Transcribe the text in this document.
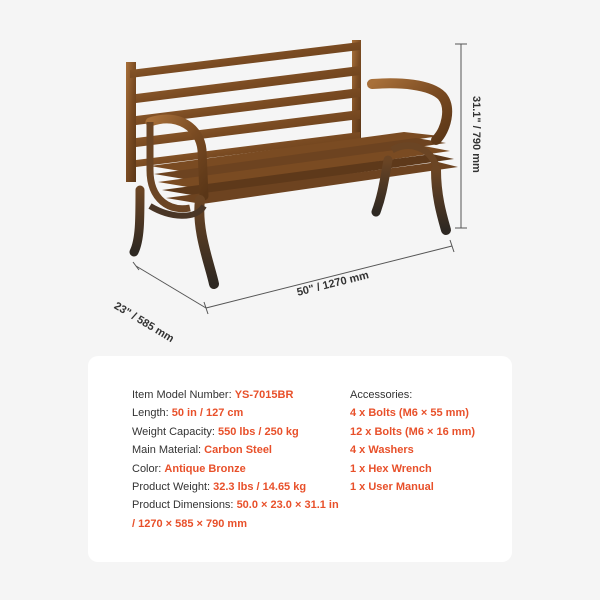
31.1" / 790 mm
50" / 1270 mm
23" / 585 mm
Item Model Number: YS-7015BR
Length: 50 in / 127 cm
Weight Capacity: 550 lbs / 250 kg
Main Material: Carbon Steel
Color: Antique Bronze
Product Weight: 32.3 lbs / 14.65 kg
Product Dimensions: 50.0 × 23.0 × 31.1 in
/ 1270 × 585 × 790 mm
Accessories:
4 x Bolts (M6 × 55 mm)
12 x Bolts (M6 × 16 mm)
4 x Washers
1 x Hex Wrench
1 x User Manual
